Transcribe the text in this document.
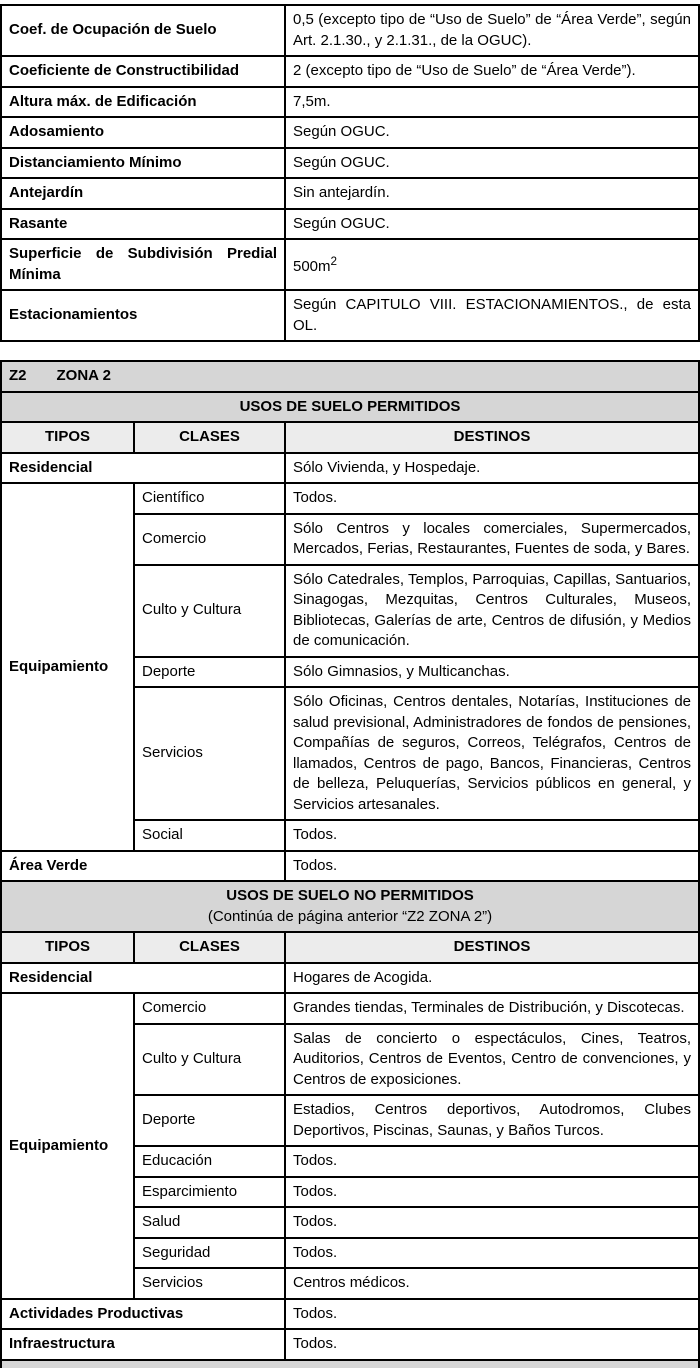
Coef. de Ocupación de Suelo	0,5 (excepto tipo de “Uso de Suelo” de “Área Verde”, según Art. 2.1.30., y 2.1.31., de la OGUC).
Coeficiente de Constructibilidad	2 (excepto tipo de “Uso de Suelo” de “Área Verde”).
Altura máx. de Edificación	7,5m.
Adosamiento	Según OGUC.
Distanciamiento Mínimo	Según OGUC.
Antejardín	Sin antejardín.
Rasante	Según OGUC.
Superficie de Subdivisión Predial Mínima	$500m^2$
Estacionamientos	Según CAPITULO VIII. ESTACIONAMIENTOS., de esta OL.
Z2 ZONA 2		
USOS DE SUELO PERMITIDOS		
TIPOS	CLASES	DESTINOS
Residencial		Sólo Vivienda, y Hospedaje.
Equipamiento	Científico	Todos.
	Comercio	Sólo Centros y locales comerciales, Supermercados, Mercados, Ferias, Restaurantes, Fuentes de soda, y Bares.
	Culto y Cultura	Sólo Catedrales, Templos, Parroquias, Capillas, Santuarios, Sinagogas, Mezquitas, Centros Culturales, Museos, Bibliotecas, Galerías de arte, Centros de difusión, y Medios de comunicación.
	Deporte	Sólo Gimnasios, y Multicanchas.
	Servicios	Sólo Oficinas, Centros dentales, Notarías, Instituciones de salud previsional, Administradores de fondos de pensiones, Compañías de seguros, Correos, Telégrafos, Centros de llamados, Centros de pago, Bancos, Financieras, Centros de belleza, Peluquerías, Servicios públicos en general, y Servicios artesanales.
	Social	Todos.
Área Verde		Todos.
USOS DE SUELO NO PERMITIDOS
(Continúa de página anterior “Z2 ZONA 2”)		

TIPOS	CLASES	DESTINOS
Residencial		Hogares de Acogida.
Equipamiento	Comercio	Grandes tiendas, Terminales de Distribución, y Discotecas.
	Culto y Cultura	Salas de concierto o espectáculos, Cines, Teatros, Auditorios, Centros de Eventos, Centro de convenciones, y Centros de exposiciones.
	Deporte	Estadios, Centros deportivos, Autodromos, Clubes Deportivos, Piscinas, Saunas, y Baños Turcos.
	Educación	Todos.
	Esparcimiento	Todos.
	Salud	Todos.
	Seguridad	Todos.
	Servicios	Centros médicos.
Actividades Productivas		Todos.
Infraestructura		Todos.
